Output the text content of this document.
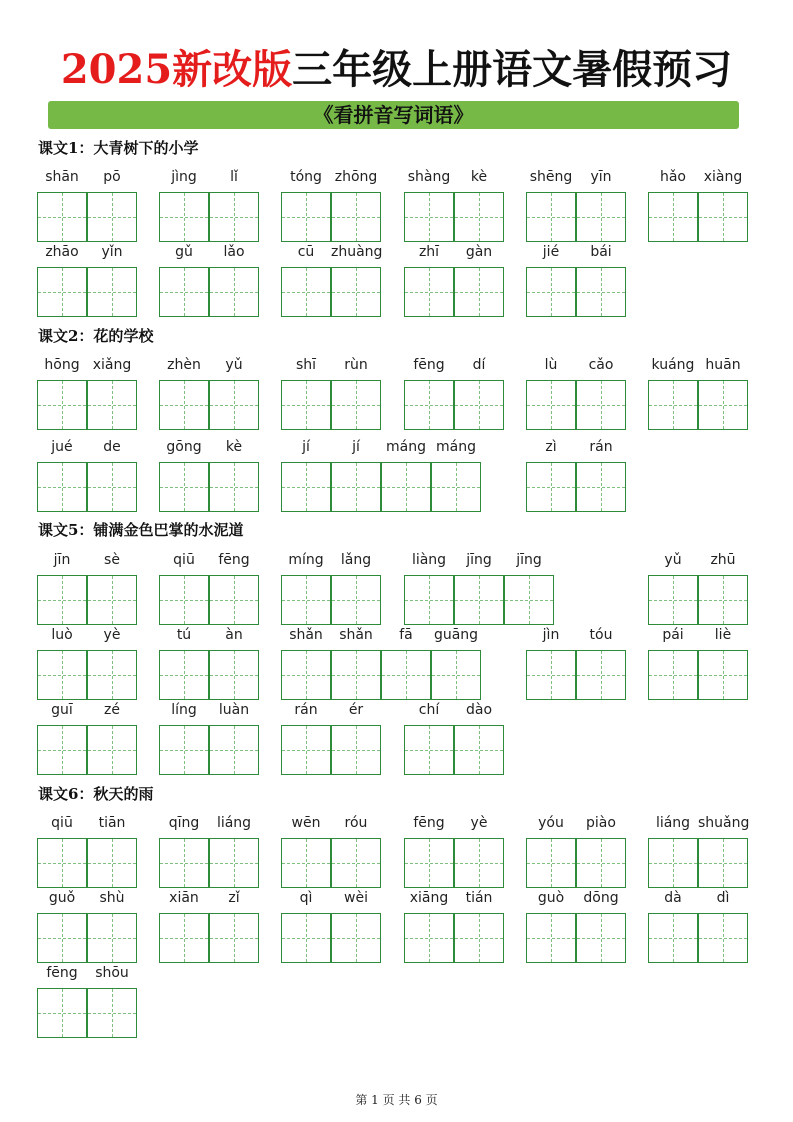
2025新改版三年级上册语文暑假预习
《看拼音写词语》
课文1：大青树下的小学
shān	pō	jìng	lǐ	tóng zhōng shàng	kè	shēng	yīn	hǎo	xiàng
zhāo	yǐn	gǔ	lǎo	cū	zhuàng	zhī	gàn	jié	bái
课文2：花的学校
hōng xiǎng	zhèn	yǔ	shī	rùn	fēng	dí	lù	cǎo	kuáng huān
jué	de	gōng	kè	jí	jí	máng máng	zì	rán
课文5：铺满金色巴掌的水泥道
jīn	sè	qiū	fēng	míng	lǎng	liàng	jīng	jīng	yǔ	zhū
luò	yè	tú	àn	shǎn	shǎn	fā	guāng	jìn	tóu	pái	liè
guī	zé	líng	luàn	rán	ér	chí	dào
课文6：秋天的雨
qiū	tiān	qīng	liáng	wēn	róu	fēng	yè	yóu	piào	liáng shuǎng
guǒ	shù	xiān	zǐ	qì	wèi	xiāng	tián	guò	dōng	dà	dì
fēng	shōu
第 1 页 共 6 页
